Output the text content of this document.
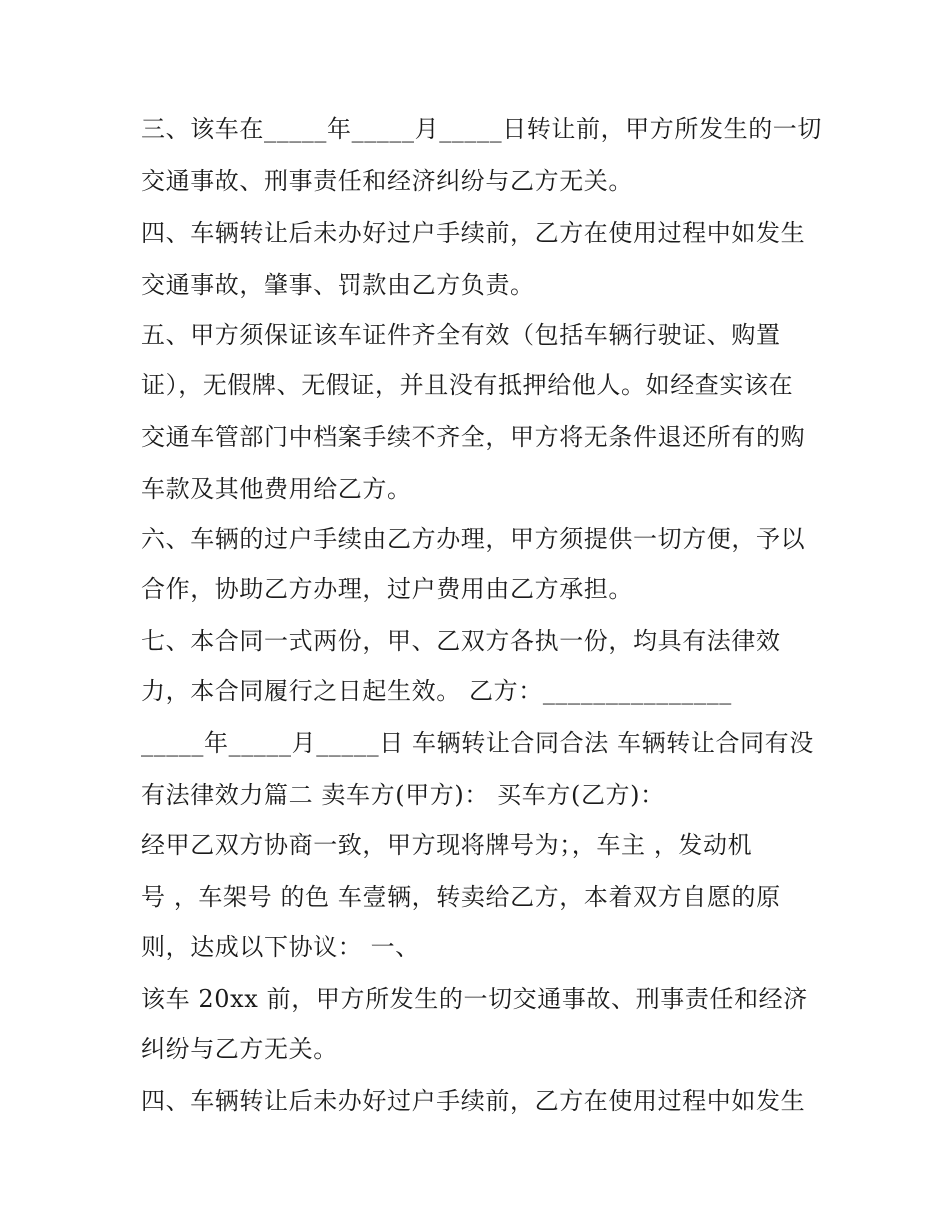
三、该车在_____年_____月_____日转让前，甲方所发生的一切
交通事故、刑事责任和经济纠纷与乙方无关。
四、车辆转让后未办好过户手续前，乙方在使用过程中如发生
交通事故，肇事、罚款由乙方负责。
五、甲方须保证该车证件齐全有效（包括车辆行驶证、购置
证），无假牌、无假证，并且没有抵押给他人。如经查实该在
交通车管部门中档案手续不齐全，甲方将无条件退还所有的购
车款及其他费用给乙方。
六、车辆的过户手续由乙方办理，甲方须提供一切方便，予以
合作，协助乙方办理，过户费用由乙方承担。
七、本合同一式两份，甲、乙双方各执一份，均具有法律效
力，本合同履行之日起生效。 乙方：_______________
_____年_____月_____日 车辆转让合同合法 车辆转让合同有没
有法律效力篇二 卖车方(甲方)： 买车方(乙方)：
经甲乙双方协商一致，甲方现将牌号为；，车主 ，发动机
号 ，车架号 的色 车壹辆，转卖给乙方，本着双方自愿的原
则，达成以下协议： 一、
该车 20xx 前，甲方所发生的一切交通事故、刑事责任和经济
纠纷与乙方无关。
四、车辆转让后未办好过户手续前，乙方在使用过程中如发生
